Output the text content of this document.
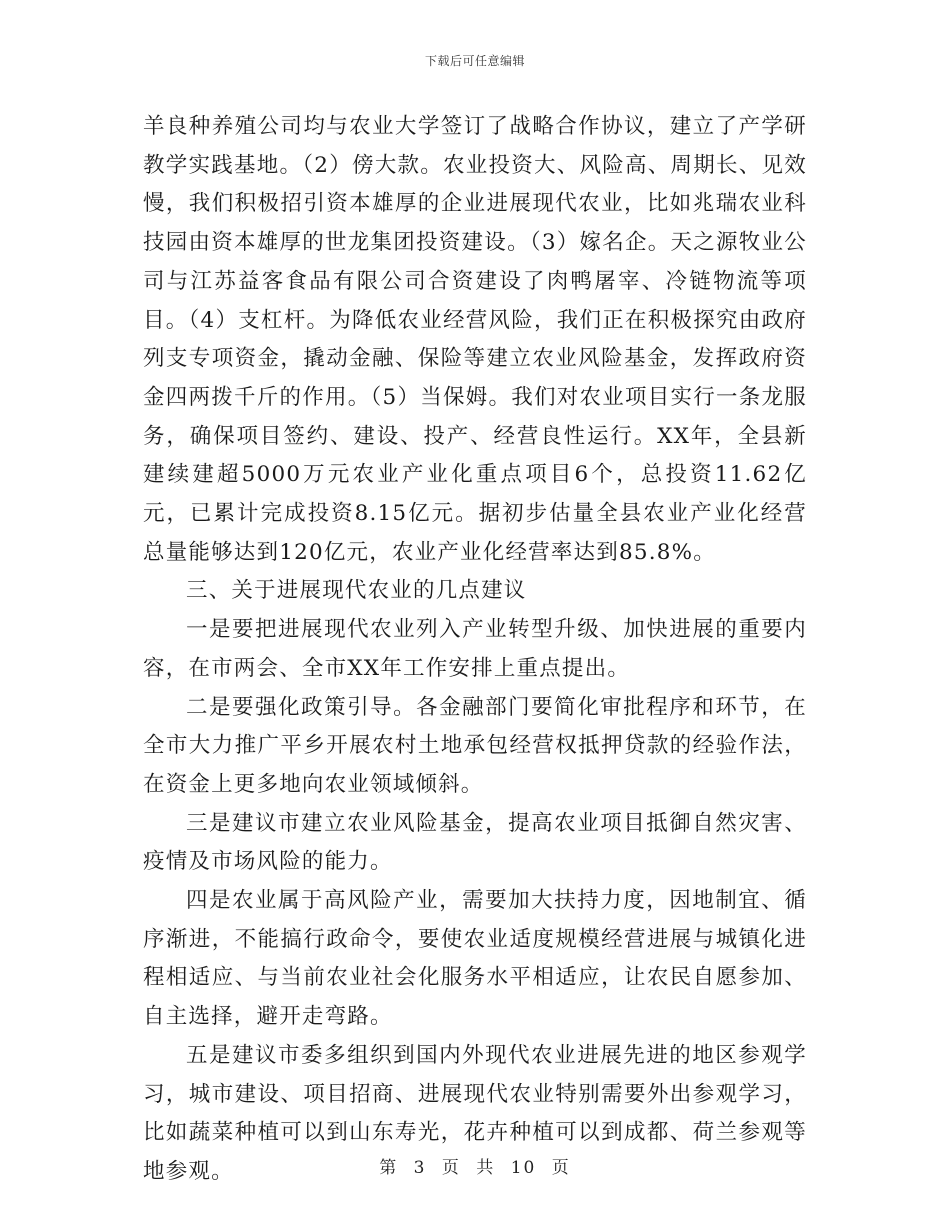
下载后可任意编辑

羊良种养殖公司均与农业大学签订了战略合作协议，建立了产学研教学实践基地。（2）傍大款。农业投资大、风险高、周期长、见效慢，我们积极招引资本雄厚的企业进展现代农业，比如兆瑞农业科技园由资本雄厚的世龙集团投资建设。（3）嫁名企。天之源牧业公司与江苏益客食品有限公司合资建设了肉鸭屠宰、冷链物流等项目。（4）支杠杆。为降低农业经营风险，我们正在积极探究由政府列支专项资金，撬动金融、保险等建立农业风险基金，发挥政府资金四两拨千斤的作用。（5）当保姆。我们对农业项目实行一条龙服务，确保项目签约、建设、投产、经营良性运行。XX年，全县新建续建超5000万元农业产业化重点项目6个，总投资11.62亿元，已累计完成投资8.15亿元。据初步估量全县农业产业化经营总量能够达到120亿元，农业产业化经营率达到85.8%。

三、关于进展现代农业的几点建议

一是要把进展现代农业列入产业转型升级、加快进展的重要内容，在市两会、全市XX年工作安排上重点提出。

二是要强化政策引导。各金融部门要简化审批程序和环节，在全市大力推广平乡开展农村土地承包经营权抵押贷款的经验作法，在资金上更多地向农业领域倾斜。

三是建议市建立农业风险基金，提高农业项目抵御自然灾害、疫情及市场风险的能力。

四是农业属于高风险产业，需要加大扶持力度，因地制宜、循序渐进，不能搞行政命令，要使农业适度规模经营进展与城镇化进程相适应、与当前农业社会化服务水平相适应，让农民自愿参加、自主选择，避开走弯路。

五是建议市委多组织到国内外现代农业进展先进的地区参观学习，城市建设、项目招商、进展现代农业特别需要外出参观学习，比如蔬菜种植可以到山东寿光，花卉种植可以到成都、荷兰参观等地参观。	第 3 页 共 10 页
